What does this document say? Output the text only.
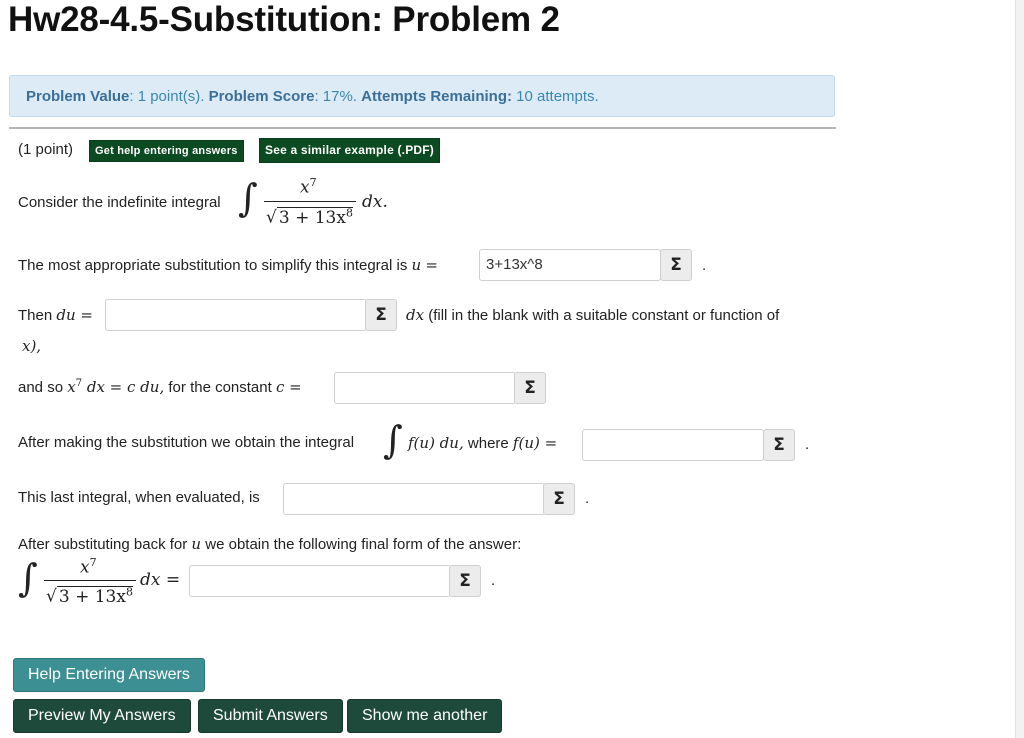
Hw28-4.5-Substitution: Problem 2
Problem Value: 1 point(s). Problem Score: 17%. Attempts Remaining: 10 attempts.
(1 point)	Get help entering answers	See a similar example (.PDF)
Consider the indefinite integral ∫ $x^7$
√ $3 + 13x^8$
dx.
The most appropriate substitution to simplify this integral is u =	3+13x^8	Σ	.
Then du =	Σ	dx (fill in the blank with a suitable constant or function of
x),
and so $x^7$ dx = c du, for the constant c =	Σ
After making the substitution we obtain the integral ∫ f(u) du, where f(u) =	Σ	.
This last integral, when evaluated, is	Σ	.
After substituting back for u we obtain the following final form of the answer:
∫ $x^7$
√ $3 + 13x^8$
dx =	Σ	.
Help Entering Answers
Preview My Answers	Submit Answers	Show me another
